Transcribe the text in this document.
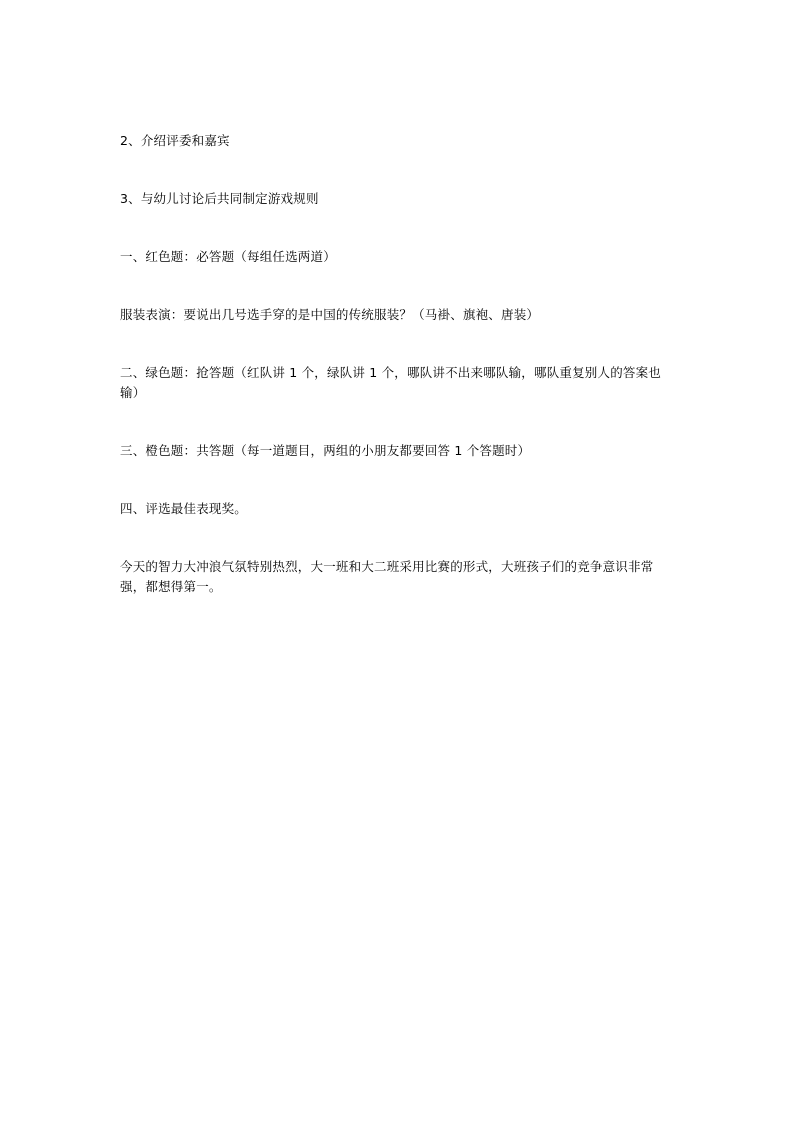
2、介绍评委和嘉宾

3、与幼儿讨论后共同制定游戏规则

一、红色题：必答题（每组任选两道）

服装表演：要说出几号选手穿的是中国的传统服装？（马褂、旗袍、唐装）

二、绿色题：抢答题（红队讲 1 个，绿队讲 1 个，哪队讲不出来哪队输，哪队重复别人的答案也输）

三、橙色题：共答题（每一道题目，两组的小朋友都要回答 1 个答题时）

四、评选最佳表现奖。

今天的智力大冲浪气氛特别热烈，大一班和大二班采用比赛的形式，大班孩子们的竞争意识非常强，都想得第一。
